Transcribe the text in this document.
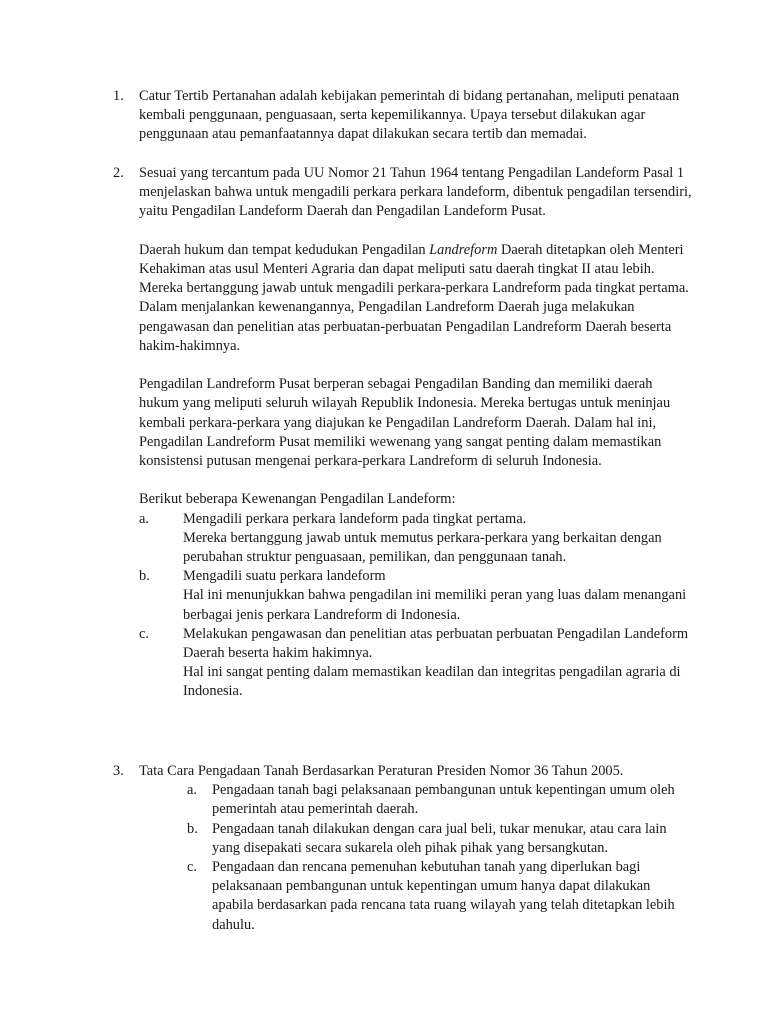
1. Catur Tertib Pertanahan adalah kebijakan pemerintah di bidang pertanahan, meliputi penataan kembali penggunaan, penguasaan, serta kepemilikannya. Upaya tersebut dilakukan agar penggunaan atau pemanfaatannya dapat dilakukan secara tertib dan memadai.

2. Sesuai yang tercantum pada UU Nomor 21 Tahun 1964 tentang Pengadilan Landeform Pasal 1 menjelaskan bahwa untuk mengadili perkara perkara landeform, dibentuk pengadilan tersendiri, yaitu Pengadilan Landeform Daerah dan Pengadilan Landeform Pusat.

Daerah hukum dan tempat kedudukan Pengadilan Landreform Daerah ditetapkan oleh Menteri Kehakiman atas usul Menteri Agraria dan dapat meliputi satu daerah tingkat II atau lebih. Mereka bertanggung jawab untuk mengadili perkara-perkara Landreform pada tingkat pertama. Dalam menjalankan kewenangannya, Pengadilan Landreform Daerah juga melakukan pengawasan dan penelitian atas perbuatan-perbuatan Pengadilan Landreform Daerah beserta hakim-hakimnya.

Pengadilan Landreform Pusat berperan sebagai Pengadilan Banding dan memiliki daerah hukum yang meliputi seluruh wilayah Republik Indonesia. Mereka bertugas untuk meninjau kembali perkara-perkara yang diajukan ke Pengadilan Landreform Daerah. Dalam hal ini, Pengadilan Landreform Pusat memiliki wewenang yang sangat penting dalam memastikan konsistensi putusan mengenai perkara-perkara Landreform di seluruh Indonesia.

Berikut beberapa Kewenangan Pengadilan Landeform:

a. Mengadili perkara perkara landeform pada tingkat pertama.

Mereka bertanggung jawab untuk memutus perkara-perkara yang berkaitan dengan perubahan struktur penguasaan, pemilikan, dan penggunaan tanah.

b. Mengadili suatu perkara landeform

Hal ini menunjukkan bahwa pengadilan ini memiliki peran yang luas dalam menangani berbagai jenis perkara Landreform di Indonesia.

c. Melakukan pengawasan dan penelitian atas perbuatan perbuatan Pengadilan Landeform Daerah beserta hakim hakimnya.

Hal ini sangat penting dalam memastikan keadilan dan integritas pengadilan agraria di Indonesia.

3. Tata Cara Pengadaan Tanah Berdasarkan Peraturan Presiden Nomor 36 Tahun 2005.

a. Pengadaan tanah bagi pelaksanaan pembangunan untuk kepentingan umum oleh pemerintah atau pemerintah daerah.

b. Pengadaan tanah dilakukan dengan cara jual beli, tukar menukar, atau cara lain yang disepakati secara sukarela oleh pihak pihak yang bersangkutan.

c. Pengadaan dan rencana pemenuhan kebutuhan tanah yang diperlukan bagi pelaksanaan pembangunan untuk kepentingan umum hanya dapat dilakukan apabila berdasarkan pada rencana tata ruang wilayah yang telah ditetapkan lebih dahulu.
